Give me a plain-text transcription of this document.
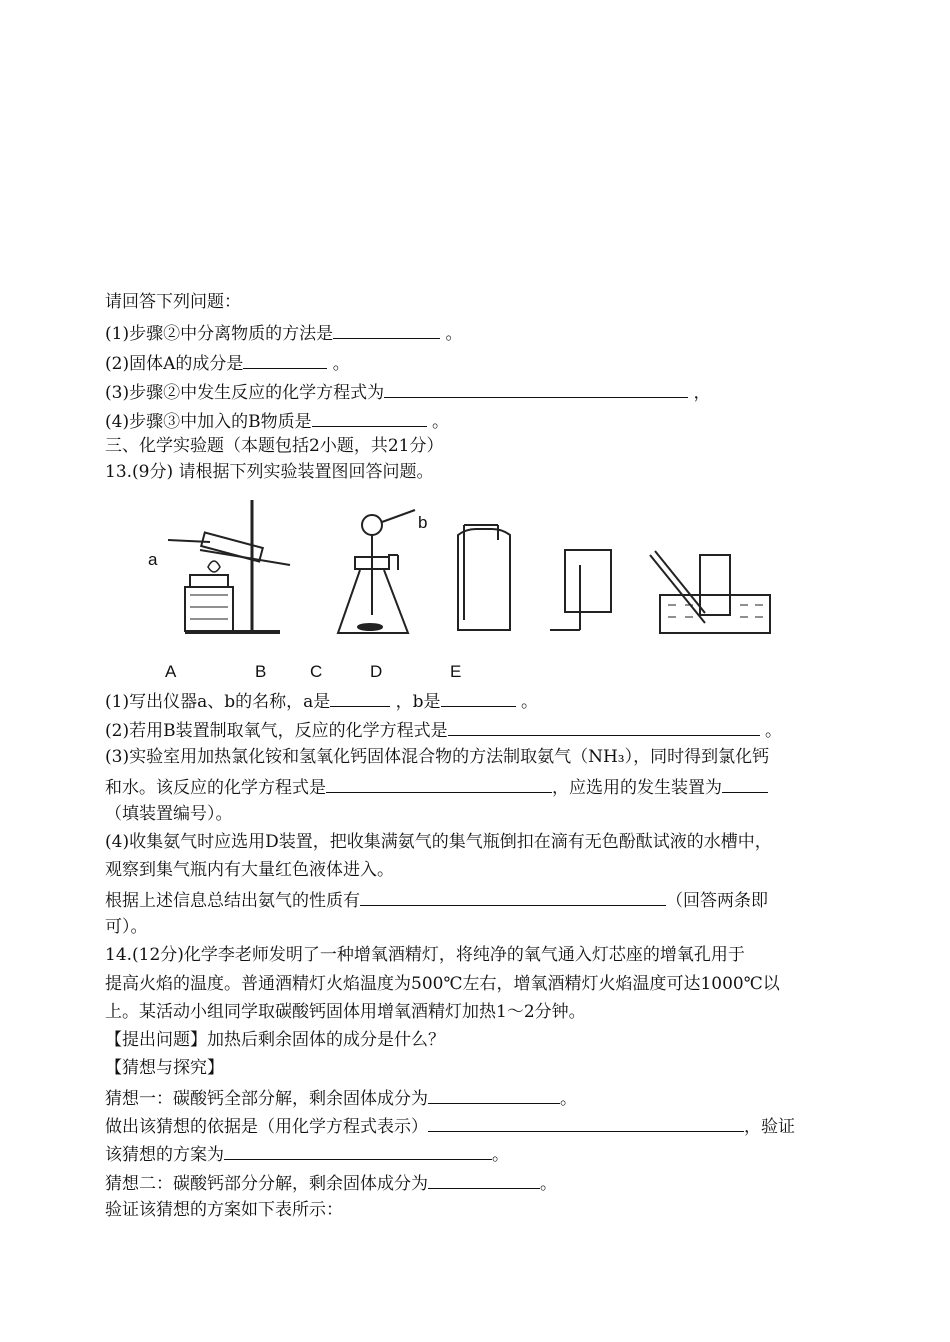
请回答下列问题：
(1)步骤②中分离物质的方法是	。
(2)固体A的成分是	。
(3)步骤②中发生反应的化学方程式为	，
(4)步骤③中加入的B物质是	。
三、化学实验题（本题包括2小题，共21分）
13.(9分) 请根据下列实验装置图回答问题。
a
b
A	B	C	D	E
(1)写出仪器a、b的名称，a是	，b是	。
(2)若用B装置制取氧气，反应的化学方程式是	。
(3)实验室用加热氯化铵和氢氧化钙固体混合物的方法制取氨气（NH₃），同时得到氯化钙
和水。该反应的化学方程式是	，应选用的发生装置为
（填装置编号）。
(4)收集氨气时应选用D装置，把收集满氨气的集气瓶倒扣在滴有无色酚酞试液的水槽中，
观察到集气瓶内有大量红色液体进入。
根据上述信息总结出氨气的性质有	（回答两条即
可）。
14.(12分)化学李老师发明了一种增氧酒精灯，将纯净的氧气通入灯芯座的增氧孔用于
提高火焰的温度。普通酒精灯火焰温度为500℃左右，增氧酒精灯火焰温度可达1000℃以
上。某活动小组同学取碳酸钙固体用增氧酒精灯加热1～2分钟。
【提出问题】加热后剩余固体的成分是什么？
【猜想与探究】
猜想一：碳酸钙全部分解，剩余固体成分为	。
做出该猜想的依据是（用化学方程式表示）	，验证
该猜想的方案为	。
猜想二：碳酸钙部分分解，剩余固体成分为	。
验证该猜想的方案如下表所示：
